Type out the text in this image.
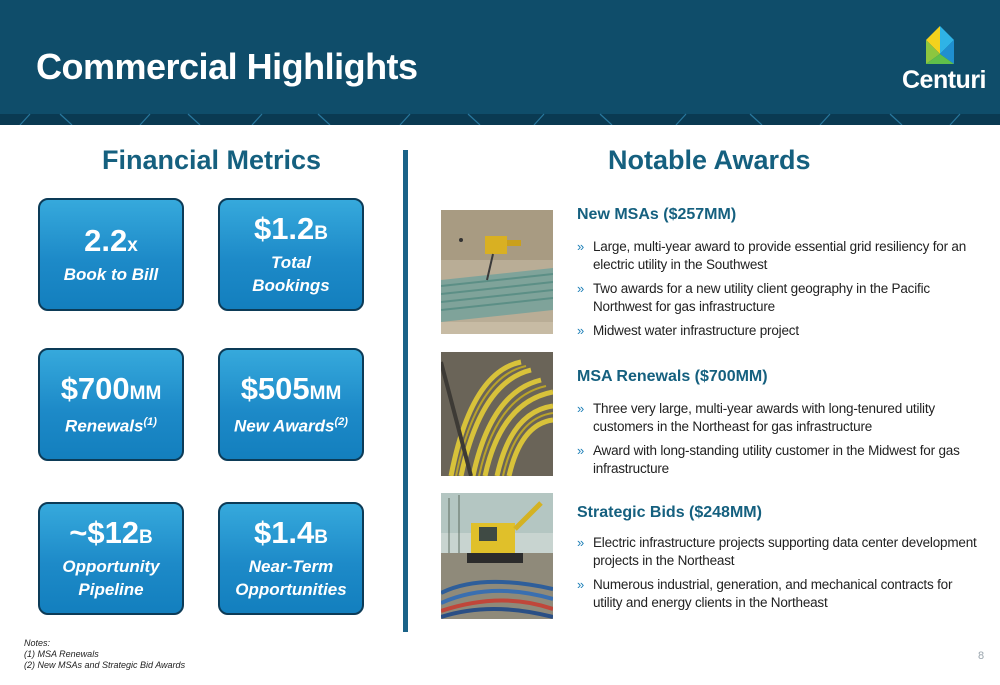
Commercial Highlights	Centuri
Financial Metrics	Notable Awards
2.2x
Book to Bill
$1.2B
Total
Bookings
$700MM
Renewals$^{(1)}$
$505MM
New Awards$^{(2)}$
~$12B
Opportunity
Pipeline
$1.4B
Near-Term
Opportunities
New MSAs ($257MM)
» Large, multi-year award to provide essential grid resiliency for an electric utility in the Southwest
» Two awards for a new utility client geography in the Pacific Northwest for gas infrastructure
» Midwest water infrastructure project
MSA Renewals ($700MM)
» Three very large, multi-year awards with long-tenured utility customers in the Northeast for gas infrastructure
» Award with long-standing utility customer in the Midwest for gas infrastructure
Strategic Bids ($248MM)
» Electric infrastructure projects supporting data center development projects in the Northeast
» Numerous industrial, generation, and mechanical contracts for utility and energy clients in the Northeast
Notes:
(1) MSA Renewals
(2) New MSAs and Strategic Bid Awards
8
